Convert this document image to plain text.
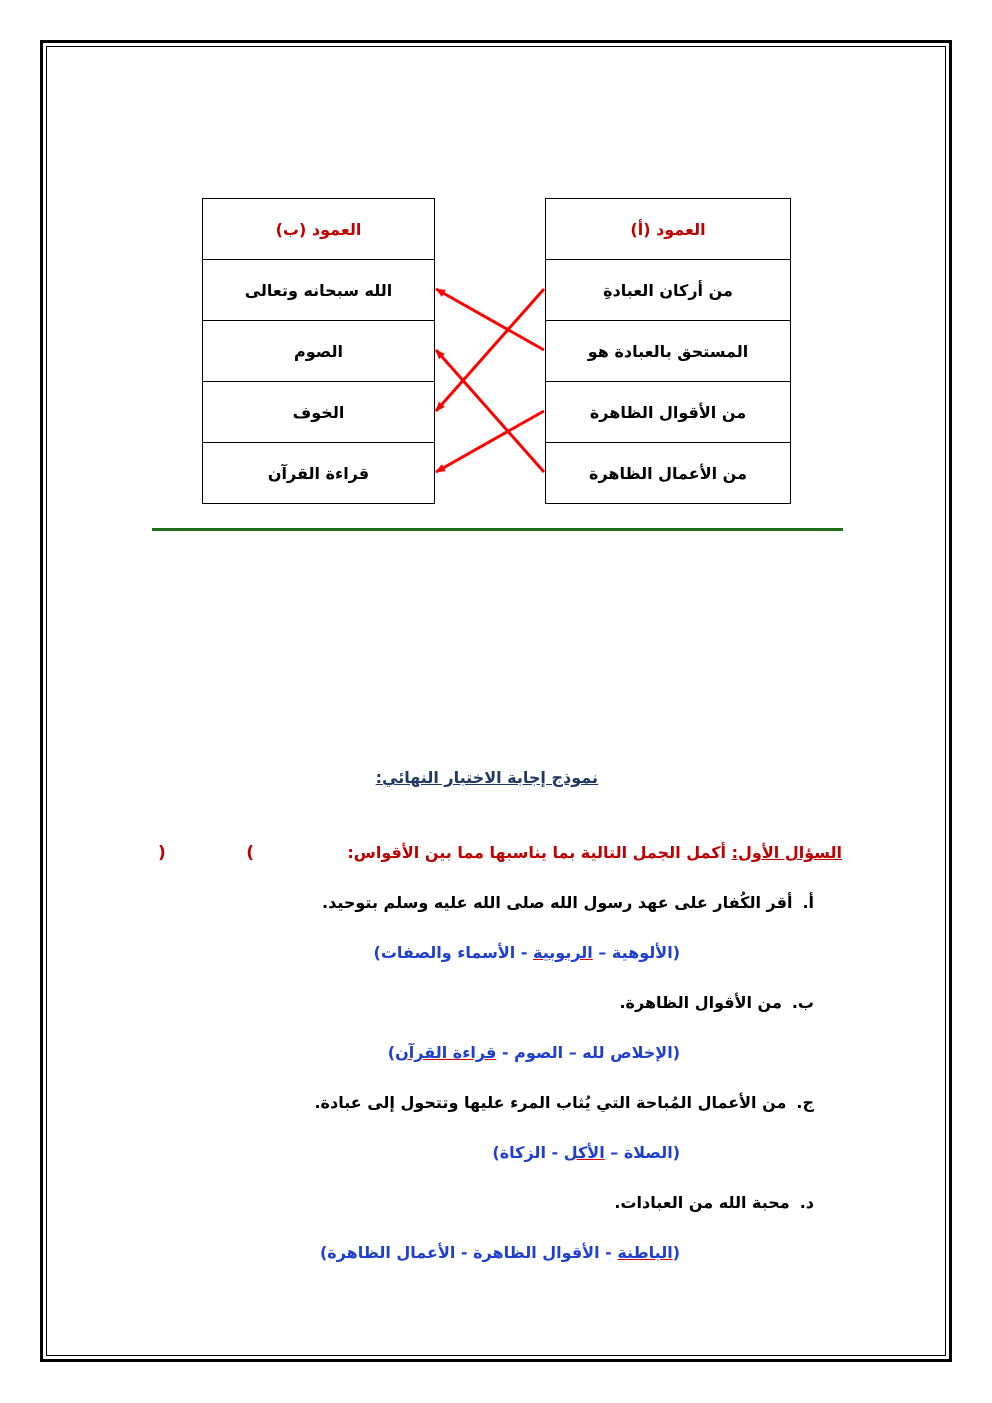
العمود (أ)
من أركان العبادةِ
المستحق بالعبادة هو
من الأقوال الظاهرة
من الأعمال الظاهرة
العمود (ب)
الله سبحانه وتعالى
الصوم
الخوف
قراءة القرآن
نموذج إجابة الاختبار النهائي:
السؤال الأول: أكمل الجمل التالية بما يناسبها مما بين الأقواس:
)	(
أ.أقر الكُفار على عهد رسول الله صلى الله عليه وسلم بتوحيد.
(الألوهية – الربوبية - الأسماء والصفات)
ب.من الأقوال الظاهرة.
(الإخلاص لله – الصوم - قراءة القرآن)
ج.من الأعمال المُباحة التي يُثاب المرء عليها وتتحول إلى عبادة.
(الصلاة – الأكل - الزكاة)
د.محبة الله من العبادات.
(الباطنة - الأقوال الظاهرة - الأعمال الظاهرة)
